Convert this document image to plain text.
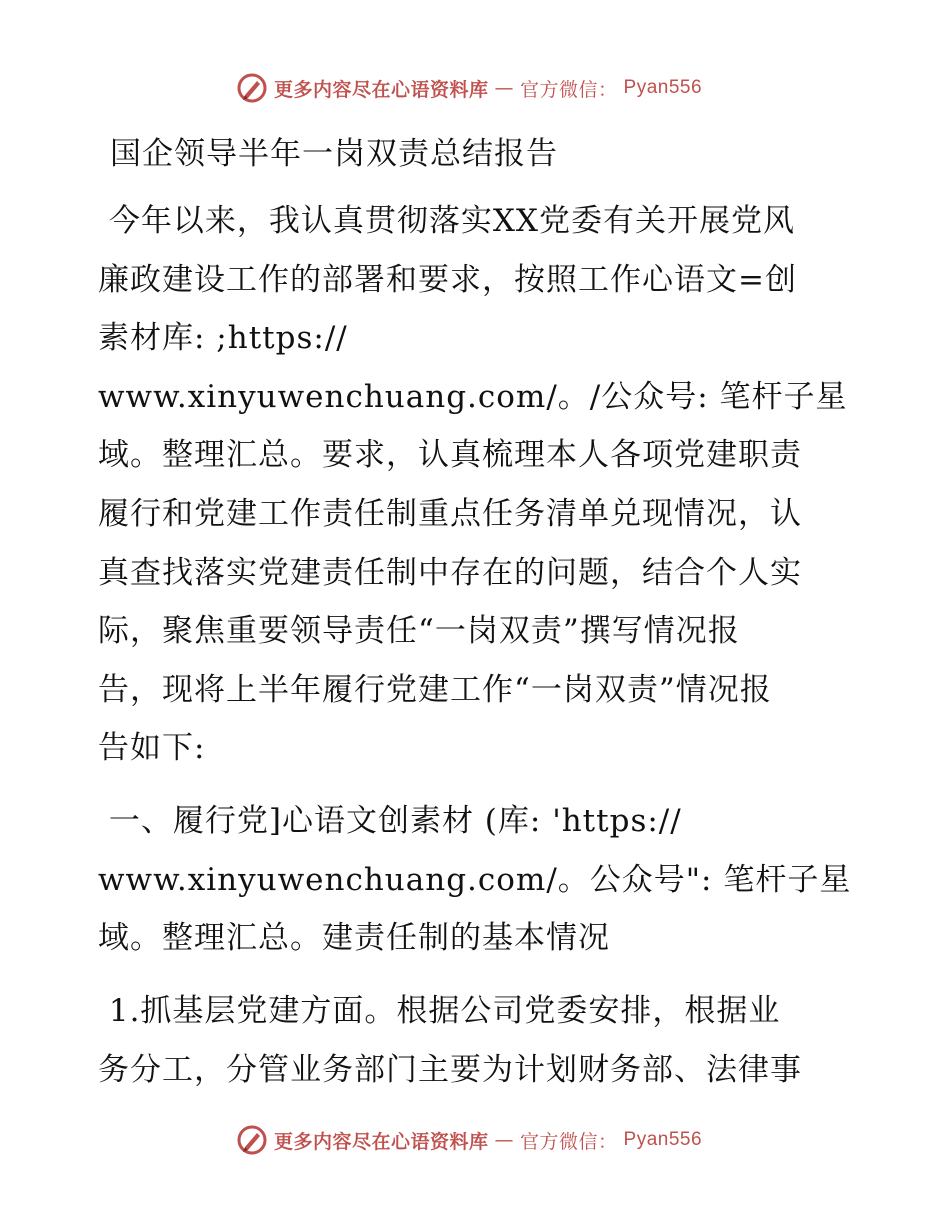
更多内容尽在心语资料库 — 官方微信： Pyan556
国企领导半年一岗双责总结报告

今年以来，我认真贯彻落实XX党委有关开展党风
廉政建设工作的部署和要求，按照工作心语文=创
素材库: ;https://
www.xinyuwenchuang.com/。/公众号: 笔杆子星
域。整理汇总。要求，认真梳理本人各项党建职责
履行和党建工作责任制重点任务清单兑现情况，认
真查找落实党建责任制中存在的问题，结合个人实
际，聚焦重要领导责任“一岗双责”撰写情况报
告，现将上半年履行党建工作“一岗双责”情况报
告如下:

一、履行党]心语文创素材 (库: 'https://
www.xinyuwenchuang.com/。公众号": 笔杆子星
域。整理汇总。建责任制的基本情况

1.抓基层党建方面。根据公司党委安排，根据业
务分工，分管业务部门主要为计划财务部、法律事

更多内容尽在心语资料库 — 官方微信： Pyan556
